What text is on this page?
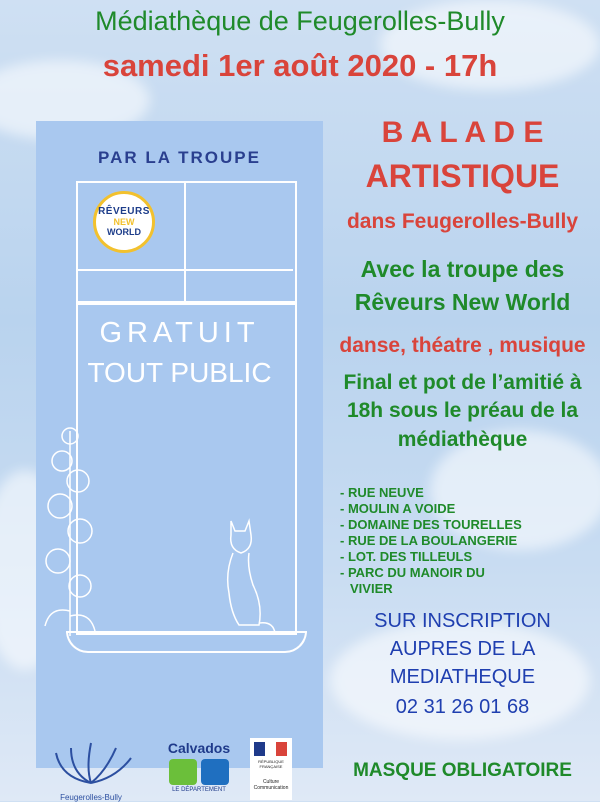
Médiathèque de Feugerolles-Bully
samedi 1er août 2020 - 17h
PAR LA TROUPE
RÊVEURS
NEW
WORLD
GRATUIT
TOUT PUBLIC
B A L A D E
ARTISTIQUE
dans Feugerolles-Bully
Avec la troupe des
Rêveurs New World
danse, théatre , musique
Final et pot de l’amitié à
18h sous le préau de la
médiathèque
- RUE NEUVE
- MOULIN A VOIDE
- DOMAINE DES TOURELLES
- RUE DE LA BOULANGERIE
- LOT. DES TILLEULS
- PARC DU MANOIR DU
VIVIER
SUR INSCRIPTION
AUPRES DE LA
MEDIATHEQUE
02 31 26 01 68
MASQUE OBLIGATOIRE
Feugerolles-Bully
Calvados
LE DÉPARTEMENT
RÉPUBLIQUE FRANÇAISE
Culture Communication
